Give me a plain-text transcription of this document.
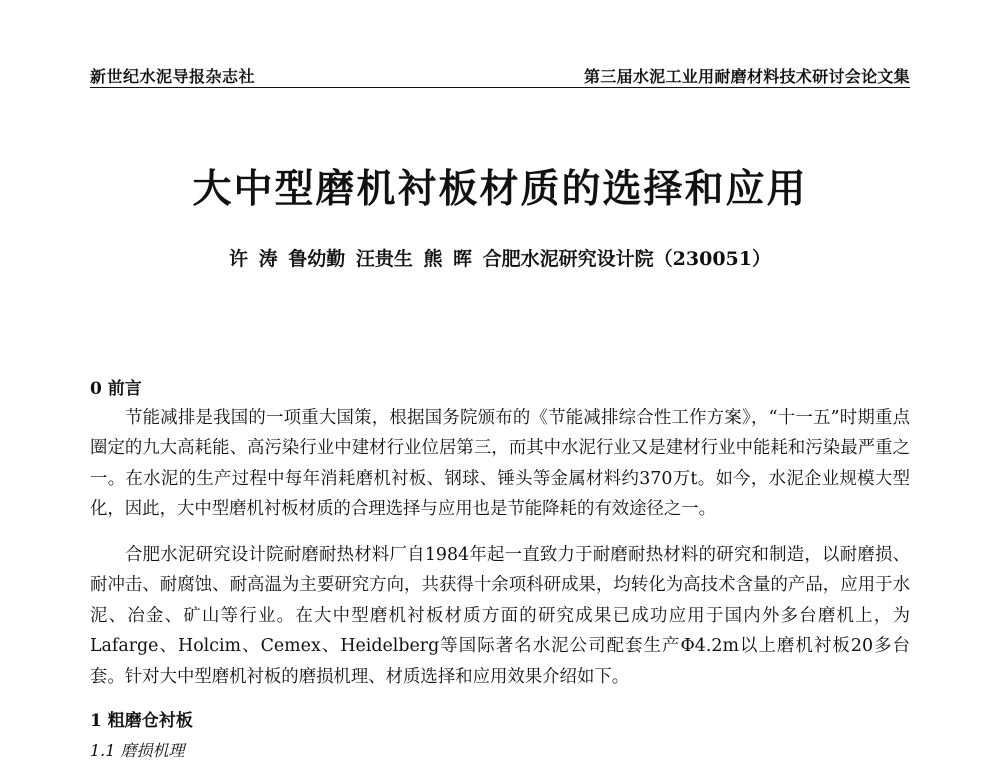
新世纪水泥导报杂志社	第三届水泥工业用耐磨材料技术研讨会论文集
大中型磨机衬板材质的选择和应用
许 涛 鲁幼勤 汪贵生 熊 晖 合肥水泥研究设计院（230051）
0 前言

节能减排是我国的一项重大国策，根据国务院颁布的《节能减排综合性工作方案》，“十一五”时期重点圈定的九大高耗能、高污染行业中建材行业位居第三，而其中水泥行业又是建材行业中能耗和污染最严重之一。在水泥的生产过程中每年消耗磨机衬板、钢球、锤头等金属材料约370万t。如今，水泥企业规模大型化，因此，大中型磨机衬板材质的合理选择与应用也是节能降耗的有效途径之一。

合肥水泥研究设计院耐磨耐热材料厂自1984年起一直致力于耐磨耐热材料的研究和制造，以耐磨损、耐冲击、耐腐蚀、耐高温为主要研究方向，共获得十余项科研成果，均转化为高技术含量的产品，应用于水泥、冶金、矿山等行业。在大中型磨机衬板材质方面的研究成果已成功应用于国内外多台磨机上，为Lafarge、Holcim、Cemex、Heidelberg等国际著名水泥公司配套生产Φ4.2m以上磨机衬板20多台套。针对大中型磨机衬板的磨损机理、材质选择和应用效果介绍如下。

1 粗磨仓衬板
1.1 磨损机理
